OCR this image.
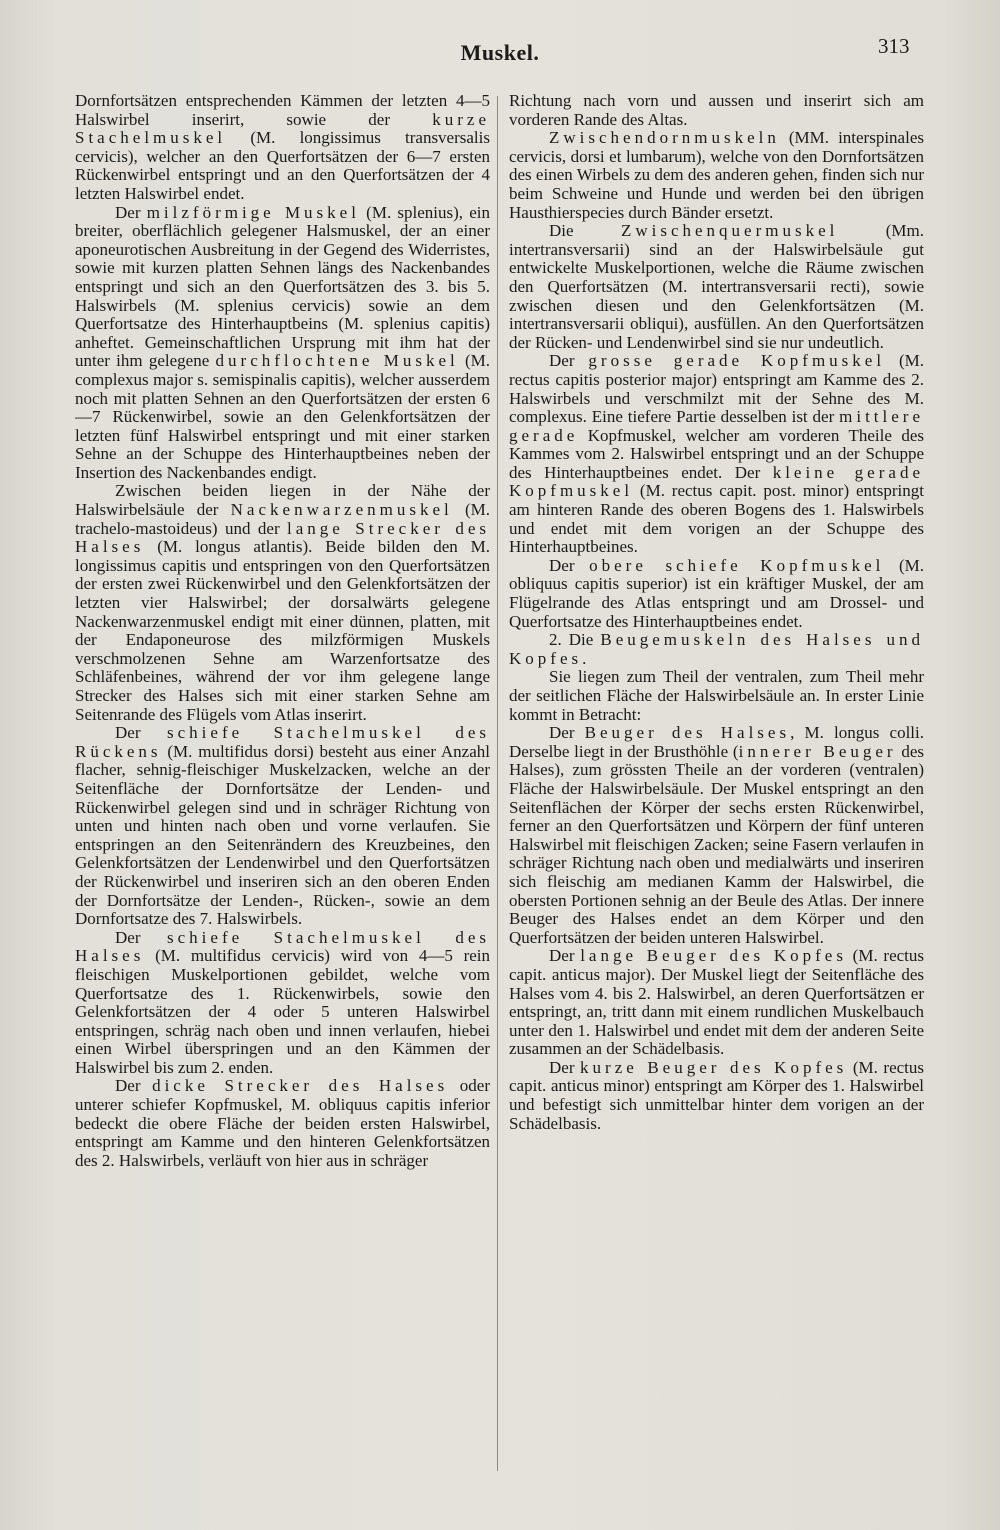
Muskel.	313

Dornfortsätzen entsprechenden Kämmen der letzten 4—5 Halswirbel inserirt, sowie der kurze Stachelmuskel (M. longissimus transversalis cervicis), welcher an den Querfortsätzen der 6—7 ersten Rückenwirbel entspringt und an den Querfortsätzen der 4 letzten Halswirbel endet.

Der milzförmige Muskel (M. splenius), ein breiter, oberflächlich gelegener Halsmuskel, der an einer aponeurotischen Ausbreitung in der Gegend des Widerristes, sowie mit kurzen platten Sehnen längs des Nackenbandes entspringt und sich an den Querfortsätzen des 3. bis 5. Halswirbels (M. splenius cervicis) sowie an dem Querfortsatze des Hinterhauptbeins (M. splenius capitis) anheftet. Gemeinschaftlichen Ursprung mit ihm hat der unter ihm gelegene durchflochtene Muskel (M. complexus major s. semispinalis capitis), welcher ausserdem noch mit platten Sehnen an den Querfortsätzen der ersten 6—7 Rückenwirbel, sowie an den Gelenkfortsätzen der letzten fünf Halswirbel entspringt und mit einer starken Sehne an der Schuppe des Hinterhauptbeines neben der Insertion des Nackenbandes endigt.

Zwischen beiden liegen in der Nähe der Halswirbelsäule der Nackenwarzenmuskel (M. trachelo-mastoideus) und der lange Strecker des Halses (M. longus atlantis). Beide bilden den M. longissimus capitis und entspringen von den Querfortsätzen der ersten zwei Rückenwirbel und den Gelenkfortsätzen der letzten vier Halswirbel; der dorsalwärts gelegene Nackenwarzenmuskel endigt mit einer dünnen, platten, mit der Endaponeurose des milzförmigen Muskels verschmolzenen Sehne am Warzenfortsatze des Schläfenbeines, während der vor ihm gelegene lange Strecker des Halses sich mit einer starken Sehne am Seitenrande des Flügels vom Atlas inserirt.

Der schiefe Stachelmuskel des Rückens (M. multifidus dorsi) besteht aus einer Anzahl flacher, sehnig-fleischiger Muskelzacken, welche an der Seitenfläche der Dornfortsätze der Lenden- und Rückenwirbel gelegen sind und in schräger Richtung von unten und hinten nach oben und vorne verlaufen. Sie entspringen an den Seitenrändern des Kreuzbeines, den Gelenkfortsätzen der Lendenwirbel und den Querfortsätzen der Rückenwirbel und inseriren sich an den oberen Enden der Dornfortsätze der Lenden-, Rücken-, sowie an dem Dornfortsatze des 7. Halswirbels.

Der schiefe Stachelmuskel des Halses (M. multifidus cervicis) wird von 4—5 rein fleischigen Muskelportionen gebildet, welche vom Querfortsatze des 1. Rückenwirbels, sowie den Gelenkfortsätzen der 4 oder 5 unteren Halswirbel entspringen, schräg nach oben und innen verlaufen, hiebei einen Wirbel überspringen und an den Kämmen der Halswirbel bis zum 2. enden.

Der dicke Strecker des Halses oder unterer schiefer Kopfmuskel, M. obliquus capitis inferior bedeckt die obere Fläche der beiden ersten Halswirbel, entspringt am Kamme und den hinteren Gelenkfortsätzen des 2. Halswirbels, verläuft von hier aus in schräger

Richtung nach vorn und aussen und inserirt sich am vorderen Rande des Altas.

Zwischendornmuskeln (MM. interspinales cervicis, dorsi et lumbarum), welche von den Dornfortsätzen des einen Wirbels zu dem des anderen gehen, finden sich nur beim Schweine und Hunde und werden bei den übrigen Hausthierspecies durch Bänder ersetzt.

Die Zwischenquermuskel (Mm. intertransversarii) sind an der Halswirbelsäule gut entwickelte Muskelportionen, welche die Räume zwischen den Querfortsätzen (M. intertransversarii recti), sowie zwischen diesen und den Gelenkfortsätzen (M. intertransversarii obliqui), ausfüllen. An den Querfortsätzen der Rücken- und Lendenwirbel sind sie nur undeutlich.

Der grosse gerade Kopfmuskel (M. rectus capitis posterior major) entspringt am Kamme des 2. Halswirbels und verschmilzt mit der Sehne des M. complexus. Eine tiefere Partie desselben ist der mittlere gerade Kopfmuskel, welcher am vorderen Theile des Kammes vom 2. Halswirbel entspringt und an der Schuppe des Hinterhauptbeines endet. Der kleine gerade Kopfmuskel (M. rectus capit. post. minor) entspringt am hinteren Rande des oberen Bogens des 1. Halswirbels und endet mit dem vorigen an der Schuppe des Hinterhauptbeines.

Der obere schiefe Kopfmuskel (M. obliquus capitis superior) ist ein kräftiger Muskel, der am Flügelrande des Atlas entspringt und am Drossel- und Querfortsatze des Hinterhauptbeines endet.

2. Die Beugemuskeln des Halses und Kopfes.

Sie liegen zum Theil der ventralen, zum Theil mehr der seitlichen Fläche der Halswirbelsäule an. In erster Linie kommt in Betracht:

Der Beuger des Halses, M. longus colli. Derselbe liegt in der Brusthöhle (innerer Beuger des Halses), zum grössten Theile an der vorderen (ventralen) Fläche der Halswirbelsäule. Der Muskel entspringt an den Seitenflächen der Körper der sechs ersten Rückenwirbel, ferner an den Querfortsätzen und Körpern der fünf unteren Halswirbel mit fleischigen Zacken; seine Fasern verlaufen in schräger Richtung nach oben und medialwärts und inseriren sich fleischig am medianen Kamm der Halswirbel, die obersten Portionen sehnig an der Beule des Atlas. Der innere Beuger des Halses endet an dem Körper und den Querfortsätzen der beiden unteren Halswirbel.

Der lange Beuger des Kopfes (M. rectus capit. anticus major). Der Muskel liegt der Seitenfläche des Halses vom 4. bis 2. Halswirbel, an deren Querfortsätzen er entspringt, an, tritt dann mit einem rundlichen Muskelbauch unter den 1. Halswirbel und endet mit dem der anderen Seite zusammen an der Schädelbasis.

Der kurze Beuger des Kopfes (M. rectus capit. anticus minor) entspringt am Körper des 1. Halswirbel und befestigt sich unmittelbar hinter dem vorigen an der Schädelbasis.
